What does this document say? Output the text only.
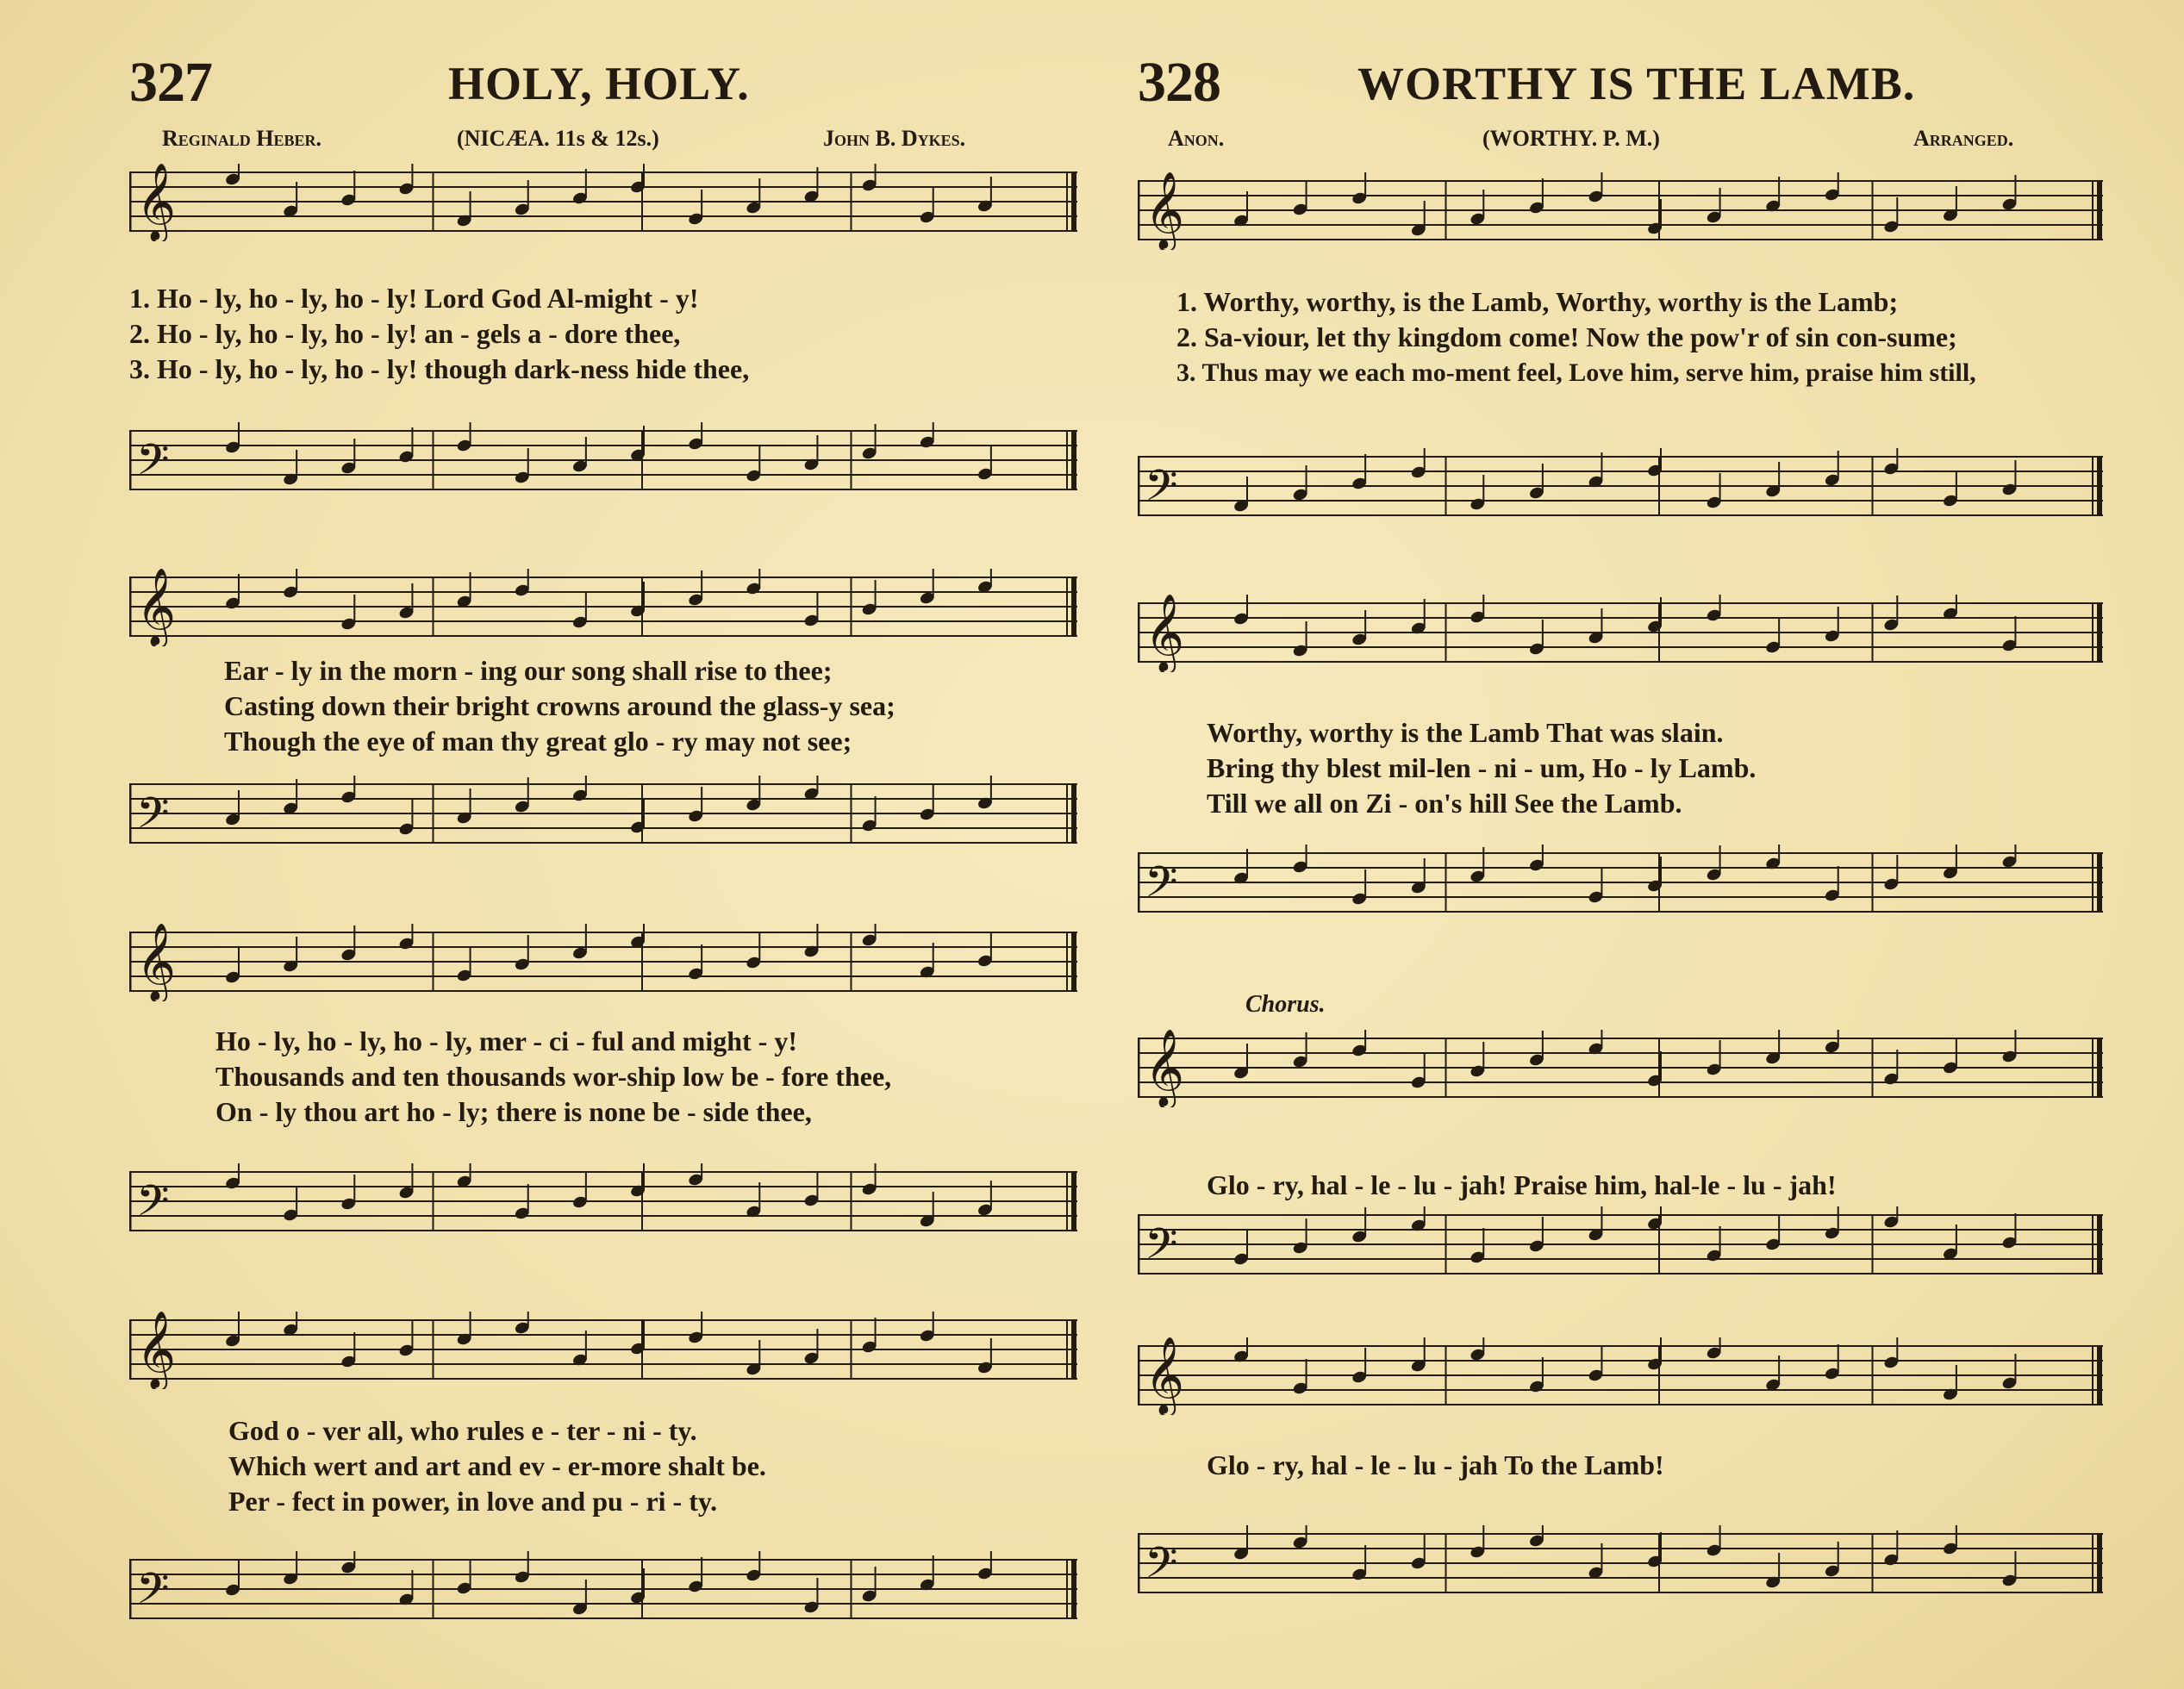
327	HOLY, HOLY.
Reginald Heber.	(NICÆA. 11s & 12s.)	John B. Dykes.
𝄞
1. Ho - ly, ho - ly, ho - ly! Lord God Al-might - y!
2. Ho - ly, ho - ly, ho - ly! an - gels a - dore thee,
3. Ho - ly, ho - ly, ho - ly! though dark-ness hide thee,
𝄢
𝄞
Ear - ly in the morn - ing our song shall rise to thee;
Casting down their bright crowns around the glass-y sea;
Though the eye of man thy great glo - ry may not see;
𝄢
𝄞
Ho - ly, ho - ly, ho - ly, mer - ci - ful and might - y!
Thousands and ten thousands wor-ship low be - fore thee,
On - ly thou art ho - ly; there is none be - side thee,
𝄢
𝄞
God o - ver all, who rules e - ter - ni - ty.
Which wert and art and ev - er-more shalt be.
Per - fect in power, in love and pu - ri - ty.
𝄢
328	WORTHY IS THE LAMB.
Anon.	(WORTHY. P. M.)	Arranged.
𝄞
1. Worthy, worthy, is the Lamb, Worthy, worthy is the Lamb;
2. Sa-viour, let thy kingdom come! Now the pow'r of sin con-sume;
3. Thus may we each mo-ment feel, Love him, serve him, praise him still,
𝄢
𝄞
Worthy, worthy is the Lamb That was slain.
Bring thy blest mil-len - ni - um, Ho - ly Lamb.
Till we all on Zi - on's hill See the Lamb.
𝄢
Chorus.
𝄞
Glo - ry, hal - le - lu - jah! Praise him, hal-le - lu - jah!
𝄢
𝄞
Glo - ry, hal - le - lu - jah To the Lamb!
𝄢
